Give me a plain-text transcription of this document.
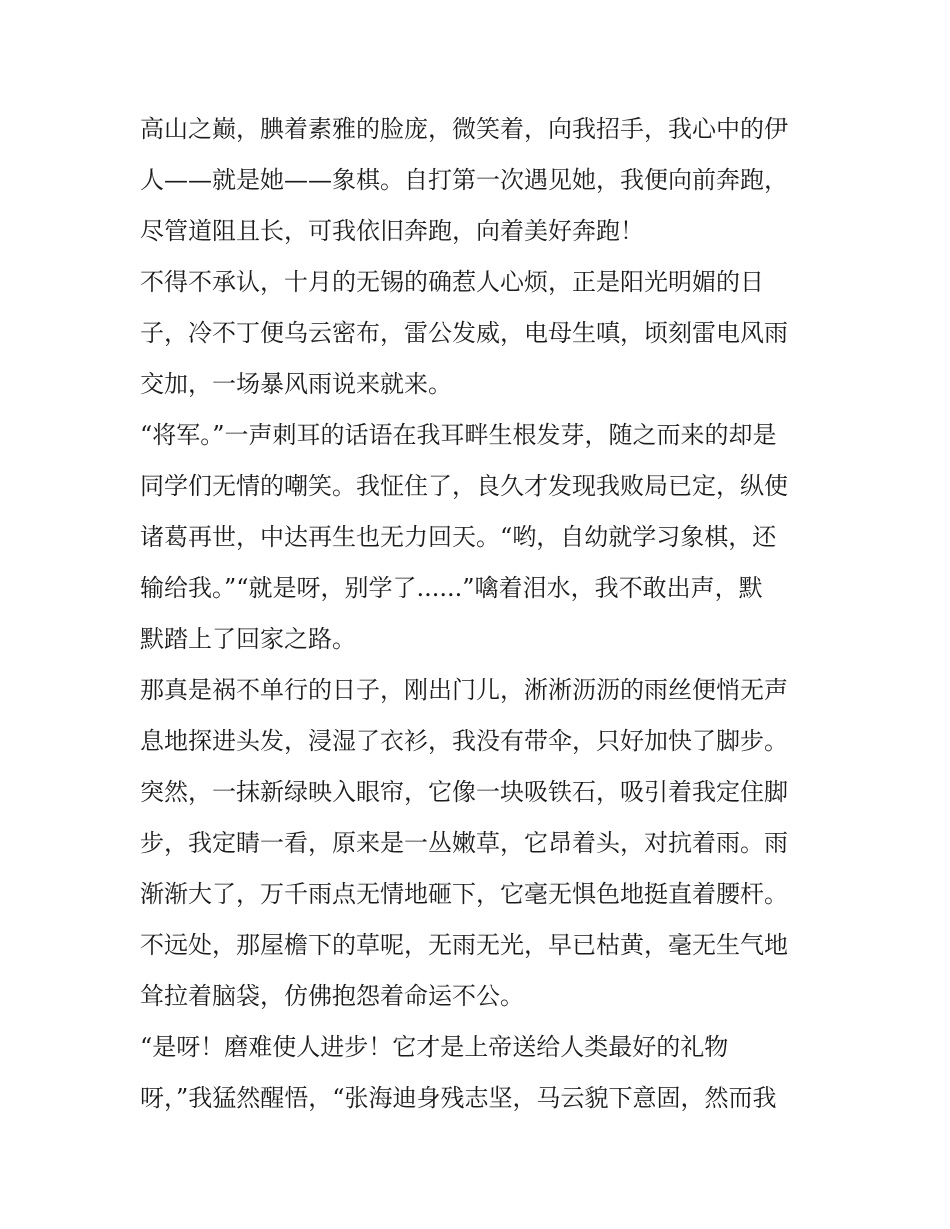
高山之巅，腆着素雅的脸庞，微笑着，向我招手，我心中的伊
人——就是她——象棋。自打第一次遇见她，我便向前奔跑，
尽管道阻且长，可我依旧奔跑，向着美好奔跑！
不得不承认，十月的无锡的确惹人心烦，正是阳光明媚的日
子，冷不丁便乌云密布，雷公发威，电母生嗔，顷刻雷电风雨
交加，一场暴风雨说来就来。
“将军。”一声刺耳的话语在我耳畔生根发芽，随之而来的却是
同学们无情的嘲笑。我怔住了，良久才发现我败局已定，纵使
诸葛再世，中达再生也无力回天。“哟，自幼就学习象棋，还
输给我。”“就是呀，别学了......”噙着泪水，我不敢出声，默
默踏上了回家之路。
那真是祸不单行的日子，刚出门儿，淅淅沥沥的雨丝便悄无声
息地探进头发，浸湿了衣衫，我没有带伞，只好加快了脚步。
突然，一抹新绿映入眼帘，它像一块吸铁石，吸引着我定住脚
步，我定睛一看，原来是一丛嫩草，它昂着头，对抗着雨。雨
渐渐大了，万千雨点无情地砸下，它毫无惧色地挺直着腰杆。
不远处，那屋檐下的草呢，无雨无光，早已枯黄，毫无生气地
耸拉着脑袋，仿佛抱怨着命运不公。
“是呀！磨难使人进步！它才是上帝送给人类最好的礼物
呀，”我猛然醒悟，“张海迪身残志坚，马云貌下意固，然而我
